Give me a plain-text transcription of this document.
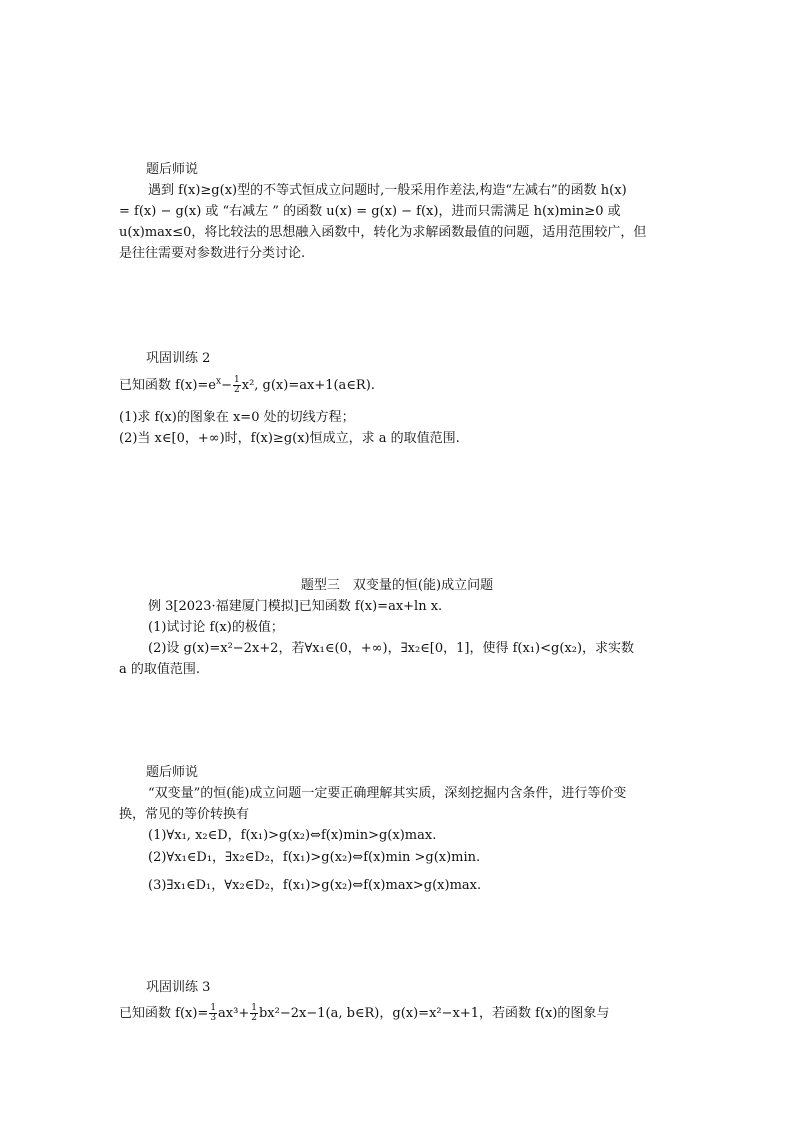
题后师说
遇到 f(x)≥g(x)型的不等式恒成立问题时,一般采用作差法,构造“左减右”的函数 h(x)
= f(x) − g(x) 或 “右减左 ” 的函数 u(x) = g(x) − f(x)，进而只需满足 h(x)min≥0 或
u(x)max≤0，将比较法的思想融入函数中，转化为求解函数最值的问题，适用范围较广，但
是往往需要对参数进行分类讨论.
巩固训练 2
已知函数 $f(x)=e^x- \frac{1}{2} x^2$, g(x)=ax+1(a∈R).
(1)求 f(x)的图象在 x=0 处的切线方程；
(2)当 x∈[0，+∞)时，f(x)≥g(x)恒成立，求 a 的取值范围.
题型三　双变量的恒(能)成立问题
例 3[2023·福建厦门模拟]已知函数 f(x)=ax+ln x.
(1)试讨论 f(x)的极值；
(2)设 g(x)=x²−2x+2，若∀x₁∈(0，+∞)，∃x₂∈[0，1]，使得 f(x₁)<g(x₂)，求实数
a 的取值范围.
题后师说
“双变量”的恒(能)成立问题一定要正确理解其实质，深刻挖掘内含条件，进行等价变
换，常见的等价转换有
(1)∀x₁, x₂∈D，f(x₁)>g(x₂)⇔f(x)min>g(x)max.
(2)∀x₁∈D₁，∃x₂∈D₂，f(x₁)>g(x₂)⇔f(x)min >g(x)min.
(3)∃x₁∈D₁，∀x₂∈D₂，f(x₁)>g(x₂)⇔f(x)max>g(x)max.
巩固训练 3
已知函数 $f(x)= \frac{1}{3} ax^3+ \frac{1}{2} bx^2-2x-1(a$, b∈R)，g(x)=x²−x+1，若函数 f(x)的图象与
